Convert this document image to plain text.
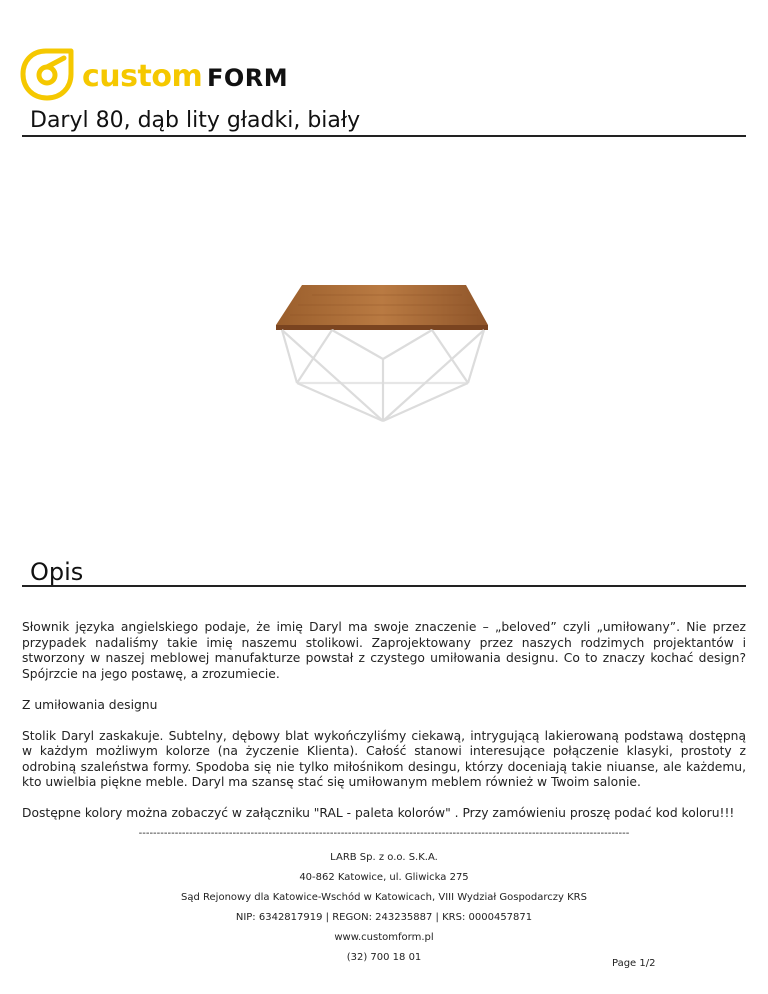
custom FORM
Daryl 80, dąb lity gładki, biały
Opis

Słownik języka angielskiego podaje, że imię Daryl ma swoje znaczenie – „beloved” czyli „umiłowany”. Nie przez przypadek nadaliśmy takie imię naszemu stolikowi. Zaprojektowany przez naszych rodzimych projektantów i stworzony w naszej meblowej manufakturze powstał z czystego umiłowania designu. Co to znaczy kochać design? Spójrzcie na jego postawę, a zrozumiecie.

Z umiłowania designu

Stolik Daryl zaskakuje. Subtelny, dębowy blat wykończyliśmy ciekawą, intrygującą lakierowaną podstawą dostępną w każdym możliwym kolorze (na życzenie Klienta). Całość stanowi interesujące połączenie klasyki, prostoty z odrobiną szaleństwa formy. Spodoba się nie tylko miłośnikom desingu, którzy doceniają takie niuanse, ale każdemu, kto uwielbia piękne meble. Daryl ma szansę stać się umiłowanym meblem również w Twoim salonie.

Dostępne kolory można zobaczyć w załączniku "RAL - paleta kolorów" . Przy zamówieniu proszę podać kod koloru!!!

----------------------------------------------------------------------------------------------------------------------------------------
LARB Sp. z o.o. S.K.A.
40-862 Katowice, ul. Gliwicka 275
Sąd Rejonowy dla Katowice-Wschód w Katowicach, VIII Wydział Gospodarczy KRS
NIP: 6342817919 | REGON: 243235887 | KRS: 0000457871
www.customform.pl
(32) 700 18 01
Page 1/2
